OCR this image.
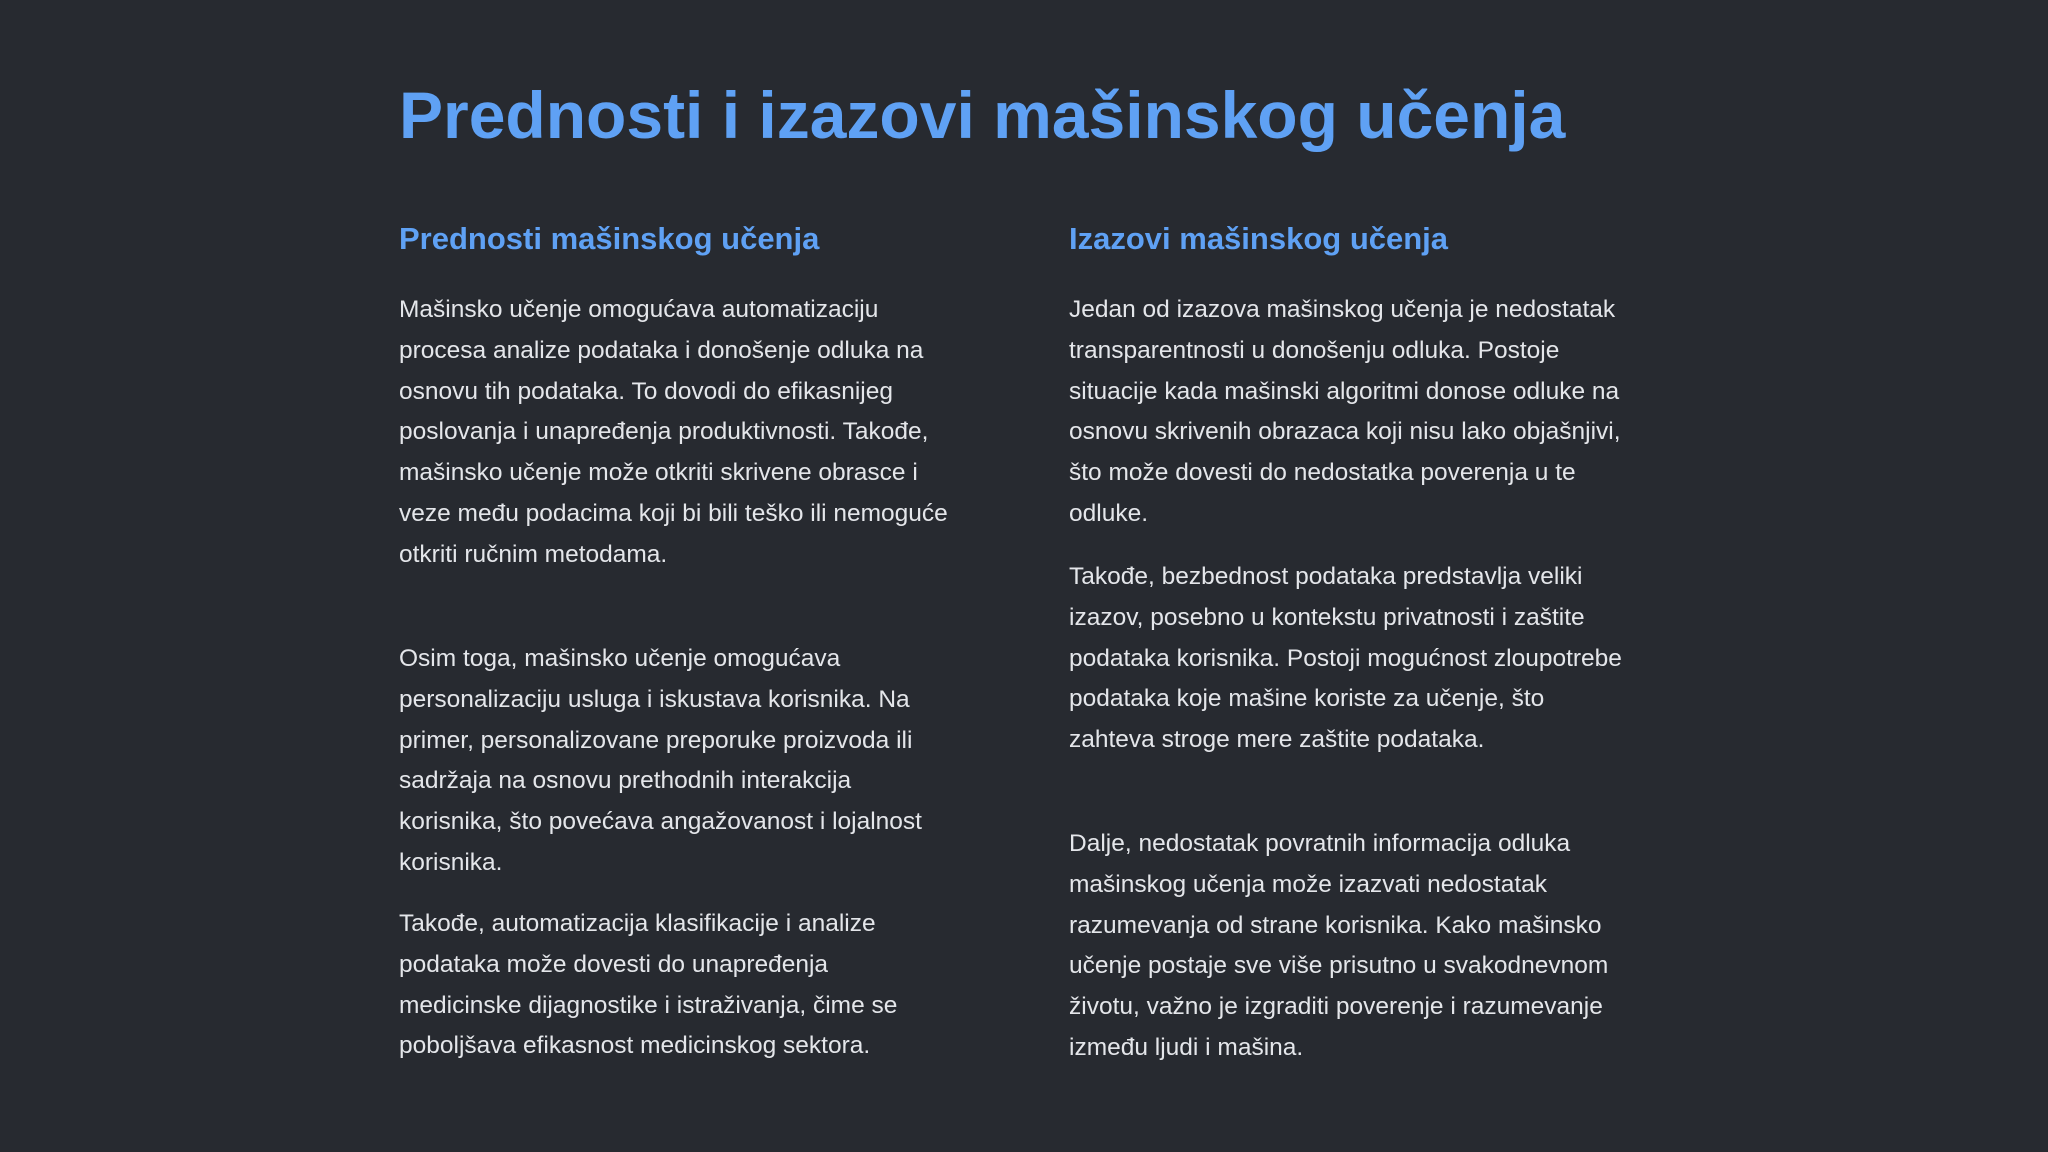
Prednosti i izazovi mašinskog učenja
Prednosti mašinskog učenja

Mašinsko učenje omogućava automatizaciju
procesa analize podataka i donošenje odluka na
osnovu tih podataka. To dovodi do efikasnijeg
poslovanja i unapređenja produktivnosti. Takođe,
mašinsko učenje može otkriti skrivene obrasce i
veze među podacima koji bi bili teško ili nemoguće
otkriti ručnim metodama.

Osim toga, mašinsko učenje omogućava
personalizaciju usluga i iskustava korisnika. Na
primer, personalizovane preporuke proizvoda ili
sadržaja na osnovu prethodnih interakcija
korisnika, što povećava angažovanost i lojalnost
korisnika.

Takođe, automatizacija klasifikacije i analize
podataka može dovesti do unapređenja
medicinske dijagnostike i istraživanja, čime se
poboljšava efikasnost medicinskog sektora.

Izazovi mašinskog učenja

Jedan od izazova mašinskog učenja je nedostatak
transparentnosti u donošenju odluka. Postoje
situacije kada mašinski algoritmi donose odluke na
osnovu skrivenih obrazaca koji nisu lako objašnjivi,
što može dovesti do nedostatka poverenja u te
odluke.

Takođe, bezbednost podataka predstavlja veliki
izazov, posebno u kontekstu privatnosti i zaštite
podataka korisnika. Postoji mogućnost zloupotrebe
podataka koje mašine koriste za učenje, što
zahteva stroge mere zaštite podataka.

Dalje, nedostatak povratnih informacija odluka
mašinskog učenja može izazvati nedostatak
razumevanja od strane korisnika. Kako mašinsko
učenje postaje sve više prisutno u svakodnevnom
životu, važno je izgraditi poverenje i razumevanje
između ljudi i mašina.
